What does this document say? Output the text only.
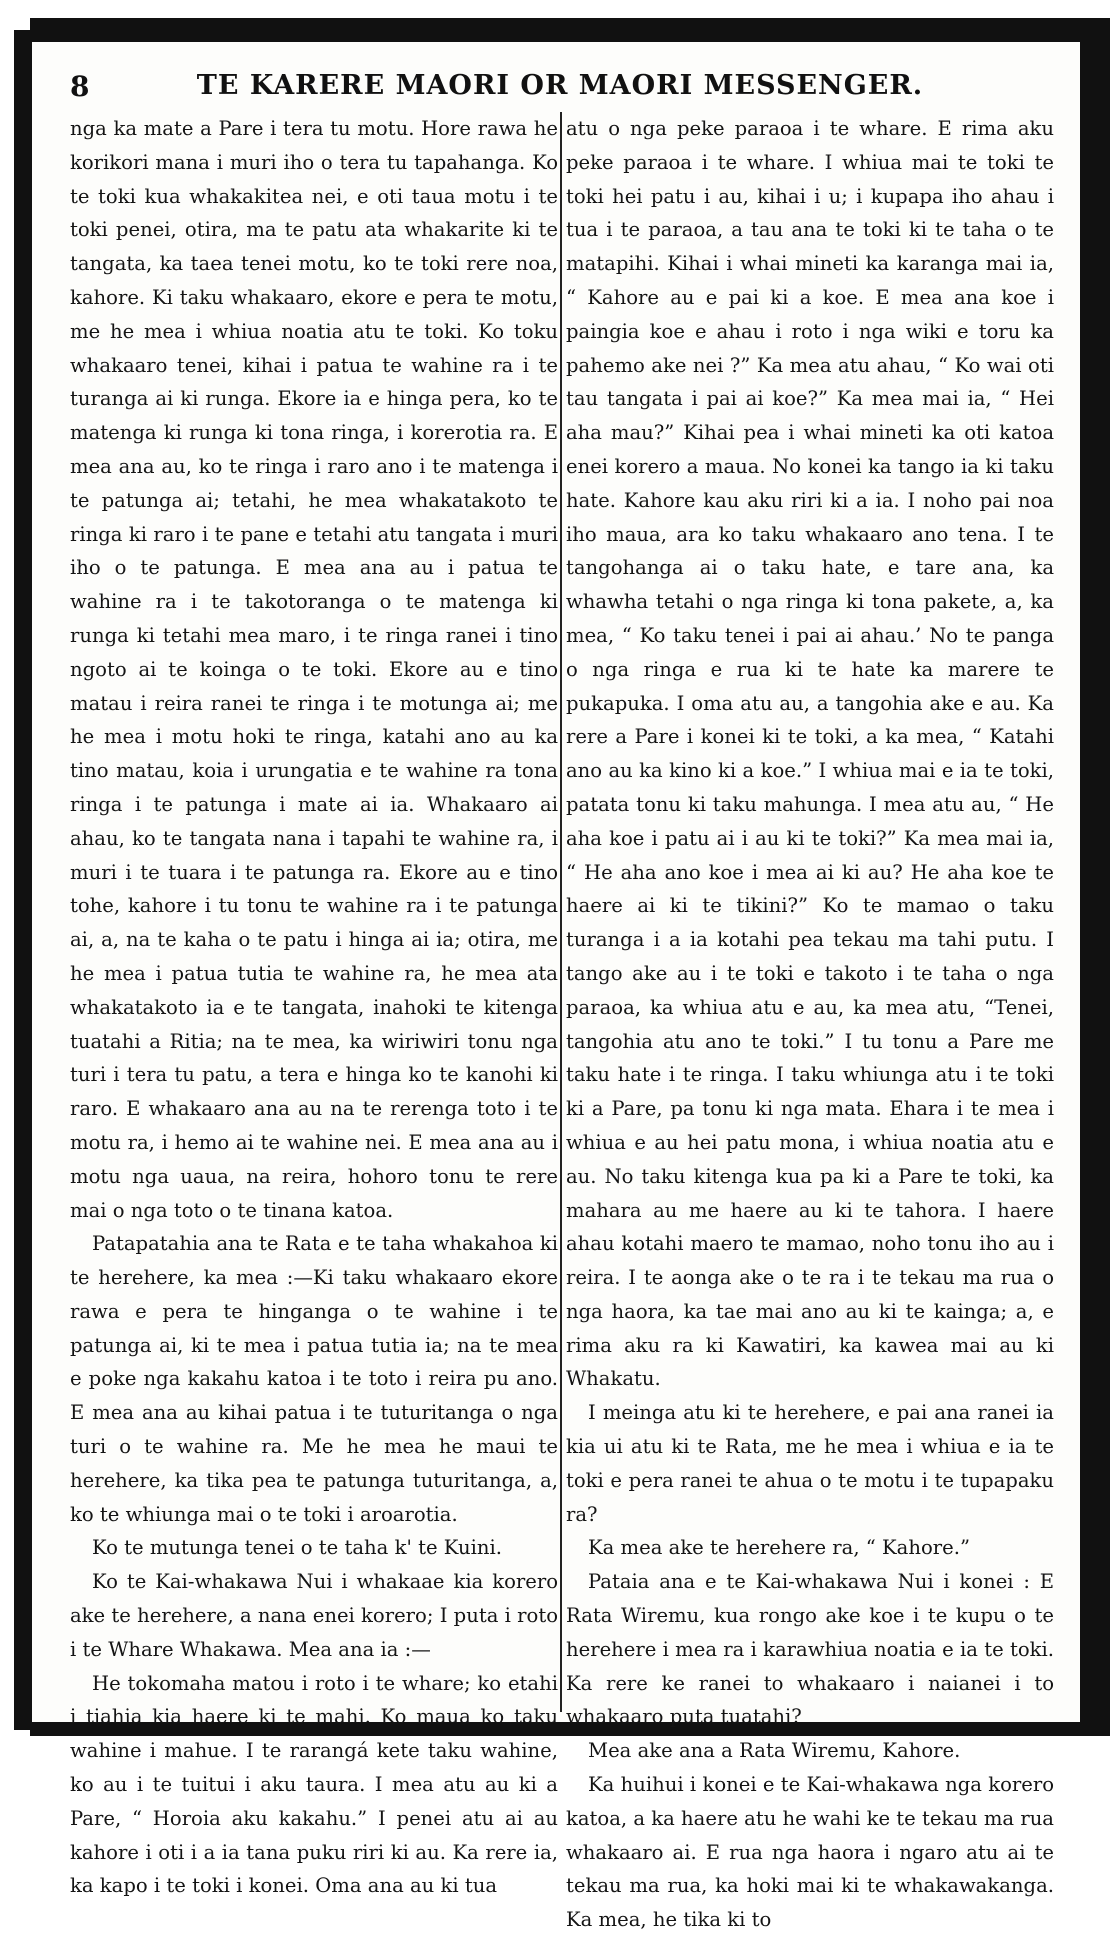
8	TE KARERE MAORI OR MAORI MESSENGER.

nga ka mate a Pare i tera tu motu. Hore rawa he korikori mana i muri iho o tera tu tapahanga. Ko te toki kua whakakitea nei, e oti taua motu i te toki penei, otira, ma te patu ata whakarite ki te tangata, ka taea tenei motu, ko te toki rere noa, kahore. Ki taku whakaaro, ekore e pera te motu, me he mea i whiua noatia atu te toki. Ko toku whakaaro tenei, kihai i patua te wahine ra i te turanga ai ki runga. Ekore ia e hinga pera, ko te matenga ki runga ki tona ringa, i korerotia ra. E mea ana au, ko te ringa i raro ano i te matenga i te patunga ai; tetahi, he mea whakatakoto te ringa ki raro i te pane e tetahi atu tangata i muri iho o te patunga. E mea ana au i patua te wahine ra i te takotoranga o te matenga ki runga ki tetahi mea maro, i te ringa ranei i tino ngoto ai te koinga o te toki. Ekore au e tino matau i reira ranei te ringa i te motunga ai; me he mea i motu hoki te ringa, katahi ano au ka tino matau, koia i urungatia e te wahine ra tona ringa i te patunga i mate ai ia. Whakaaro ai ahau, ko te tangata nana i tapahi te wahine ra, i muri i te tuara i te patunga ra. Ekore au e tino tohe, kahore i tu tonu te wahine ra i te patunga ai, a, na te kaha o te patu i hinga ai ia; otira, me he mea i patua tutia te wahine ra, he mea ata whakatakoto ia e te tangata, inahoki te kitenga tuatahi a Ritia; na te mea, ka wiriwiri tonu nga turi i tera tu patu, a tera e hinga ko te kanohi ki raro. E whakaaro ana au na te rerenga toto i te motu ra, i hemo ai te wahine nei. E mea ana au i motu nga uaua, na reira, hohoro tonu te rere mai o nga toto o te tinana katoa.

Patapatahia ana te Rata e te taha whakahoa ki te herehere, ka mea :—Ki taku whakaaro ekore rawa e pera te hinganga o te wahine i te patunga ai, ki te mea i patua tutia ia; na te mea e poke nga kakahu katoa i te toto i reira pu ano. E mea ana au kihai patua i te tuturitanga o nga turi o te wahine ra. Me he mea he maui te herehere, ka tika pea te patunga tuturitanga, a, ko te whiunga mai o te toki i aroarotia.

Ko te mutunga tenei o te taha k' te Kuini.

Ko te Kai-whakawa Nui i whakaae kia korero ake te herehere, a nana enei korero; I puta i roto i te Whare Whakawa. Mea ana ia :—

He tokomaha matou i roto i te whare; ko etahi i tiahia kia haere ki te mahi. Ko maua ko taku wahine i mahue. I te rarangá kete taku wahine, ko au i te tuitui i aku taura. I mea atu au ki a Pare, “ Horoia aku kakahu.” I penei atu ai au kahore i oti i a ia tana puku riri ki au. Ka rere ia, ka kapo i te toki i konei. Oma ana au ki tua

atu o nga peke paraoa i te whare. E rima aku peke paraoa i te whare. I whiua mai te toki te toki hei patu i au, kihai i u; i kupapa iho ahau i tua i te paraoa, a tau ana te toki ki te taha o te matapihi. Kihai i whai mineti ka karanga mai ia, “ Kahore au e pai ki a koe. E mea ana koe i paingia koe e ahau i roto i nga wiki e toru ka pahemo ake nei ?” Ka mea atu ahau, “ Ko wai oti tau tangata i pai ai koe?” Ka mea mai ia, “ Hei aha mau?” Kihai pea i whai mineti ka oti katoa enei korero a maua. No konei ka tango ia ki taku hate. Kahore kau aku riri ki a ia. I noho pai noa iho maua, ara ko taku whakaaro ano tena. I te tangohanga ai o taku hate, e tare ana, ka whawha tetahi o nga ringa ki tona pakete, a, ka mea, “ Ko taku tenei i pai ai ahau.’ No te panga o nga ringa e rua ki te hate ka marere te pukapuka. I oma atu au, a tangohia ake e au. Ka rere a Pare i konei ki te toki, a ka mea, “ Katahi ano au ka kino ki a koe.” I whiua mai e ia te toki, patata tonu ki taku mahunga. I mea atu au, “ He aha koe i patu ai i au ki te toki?” Ka mea mai ia, “ He aha ano koe i mea ai ki au? He aha koe te haere ai ki te tikini?” Ko te mamao o taku turanga i a ia kotahi pea tekau ma tahi putu. I tango ake au i te toki e takoto i te taha o nga paraoa, ka whiua atu e au, ka mea atu, “Tenei, tangohia atu ano te toki.” I tu tonu a Pare me taku hate i te ringa. I taku whiunga atu i te toki ki a Pare, pa tonu ki nga mata. Ehara i te mea i whiua e au hei patu mona, i whiua noatia atu e au. No taku kitenga kua pa ki a Pare te toki, ka mahara au me haere au ki te tahora. I haere ahau kotahi maero te mamao, noho tonu iho au i reira. I te aonga ake o te ra i te tekau ma rua o nga haora, ka tae mai ano au ki te kainga; a, e rima aku ra ki Kawatiri, ka kawea mai au ki Whakatu.

I meinga atu ki te herehere, e pai ana ranei ia kia ui atu ki te Rata, me he mea i whiua e ia te toki e pera ranei te ahua o te motu i te tupapaku ra?

Ka mea ake te herehere ra, “ Kahore.”

Pataia ana e te Kai-whakawa Nui i konei : E Rata Wiremu, kua rongo ake koe i te kupu o te herehere i mea ra i karawhiua noatia e ia te toki. Ka rere ke ranei to whakaaro i naianei i to whakaaro puta tuatahi?

Mea ake ana a Rata Wiremu, Kahore.

Ka huihui i konei e te Kai-whakawa nga korero katoa, a ka haere atu he wahi ke te tekau ma rua whakaaro ai. E rua nga haora i ngaro atu ai te tekau ma rua, ka hoki mai ki te whakawakanga. Ka mea, he tika ki to
